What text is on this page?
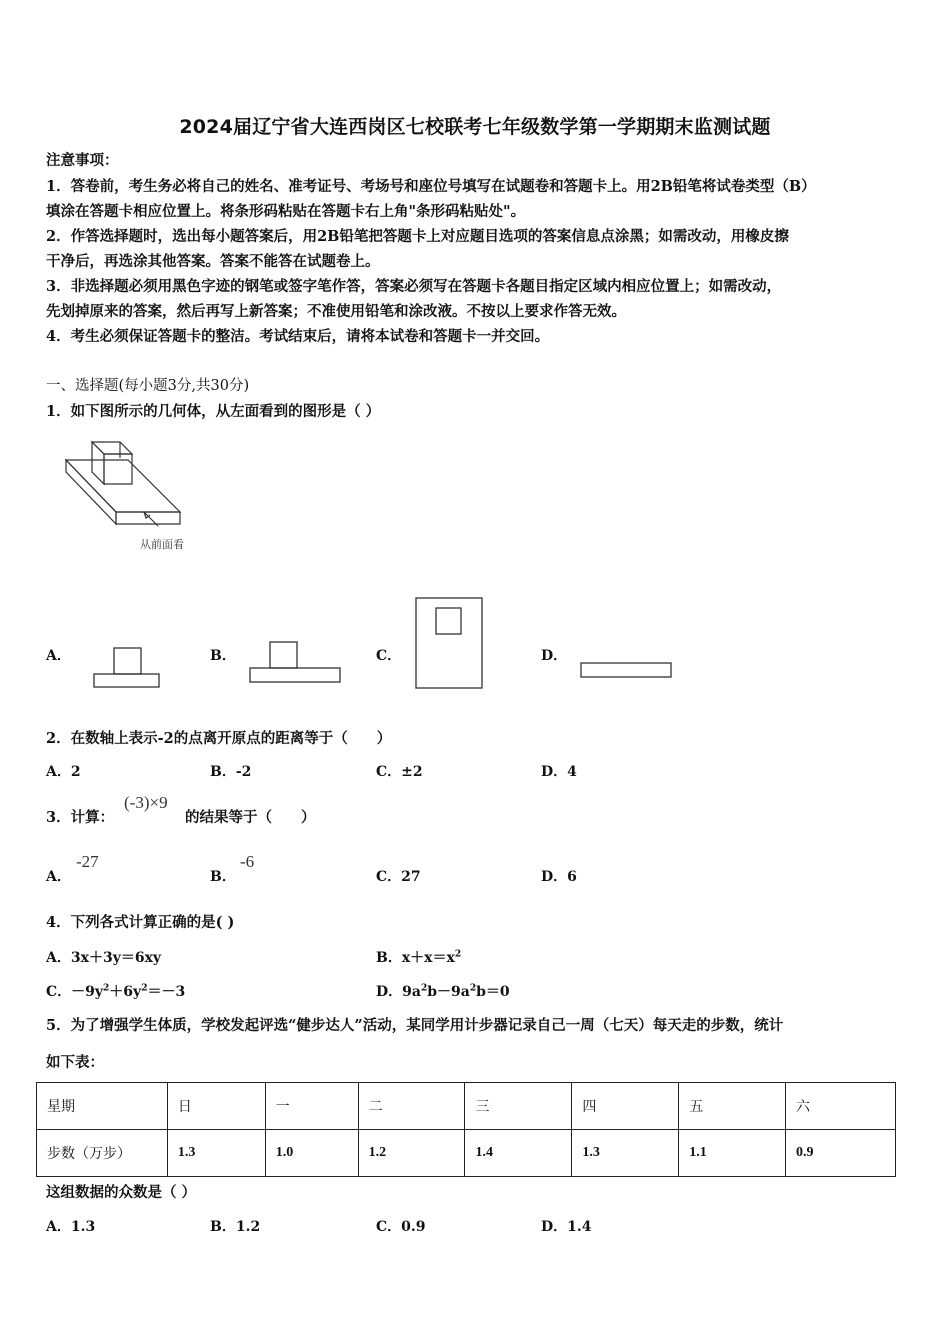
2024届辽宁省大连西岗区七校联考七年级数学第一学期期末监测试题
注意事项：
1．答卷前，考生务必将自己的姓名、准考证号、考场号和座位号填写在试题卷和答题卡上。用2B铅笔将试卷类型（B）
填涂在答题卡相应位置上。将条形码粘贴在答题卡右上角"条形码粘贴处"。
2．作答选择题时，选出每小题答案后，用2B铅笔把答题卡上对应题目选项的答案信息点涂黑；如需改动，用橡皮擦
干净后，再选涂其他答案。答案不能答在试题卷上。
3．非选择题必须用黑色字迹的钢笔或签字笔作答，答案必须写在答题卡各题目指定区域内相应位置上；如需改动，
先划掉原来的答案，然后再写上新答案；不准使用铅笔和涂改液。不按以上要求作答无效。
4．考生必须保证答题卡的整洁。考试结束后，请将本试卷和答题卡一并交回。
一、选择题(每小题3分,共30分)
1．如下图所示的几何体，从左面看到的图形是（ ）
从前面看
A．	B．	C．	D．
2．在数轴上表示-2的点离开原点的距离等于（　　）
A．2	B．-2	C．±2	D．4
3．计算：
(-3)×9
的结果等于（　　）
A．
-27
B．
-6
C．27	D．6
4．下列各式计算正确的是( )
A．3x＋3y＝6xy	B．$x+x=x^2$
C．$-9y^2+6y^2=-3$	D．$9a^2b-9a^2b=0$
5．为了增强学生体质，学校发起评选“健步达人”活动，某同学用计步器记录自己一周（七天）每天走的步数，统计
如下表：
星期	日	一	二	三	四	五	六
步数（万步）	1.3	1.0	1.2	1.4	1.3	1.1	0.9
这组数据的众数是（ ）
A．1.3	B．1.2	C．0.9	D．1.4
